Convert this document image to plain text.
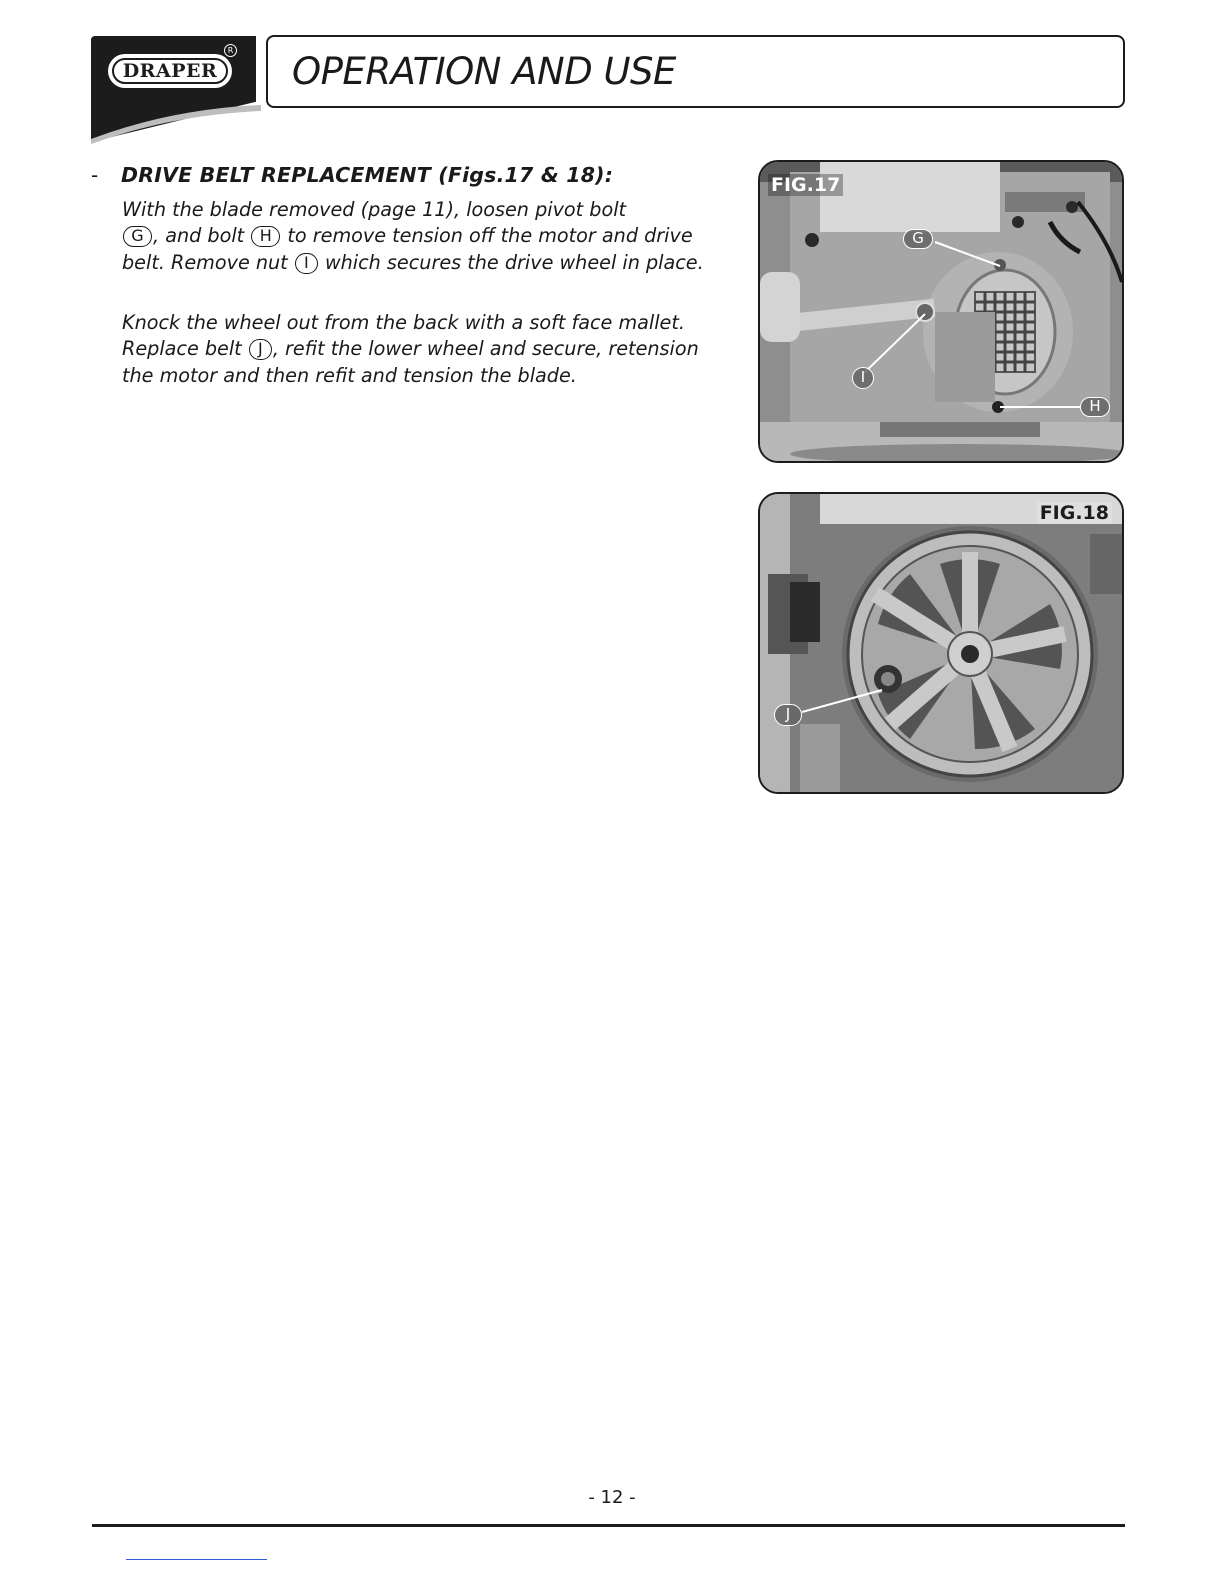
DRAPER
R OPERATION AND USE
- DRIVE BELT REPLACEMENT (Figs.17 & 18):

With the blade removed (page 11), loosen pivot bolt
G , and bolt H to remove tension off the motor and drive belt. Remove nut I which secures the drive wheel in place.

Knock the wheel out from the back with a soft face mallet. Replace belt J , refit the lower wheel and secure, retension the motor and then refit and tension the blade.

FIG.17
G
I
H
FIG.18
J
- 12 -
